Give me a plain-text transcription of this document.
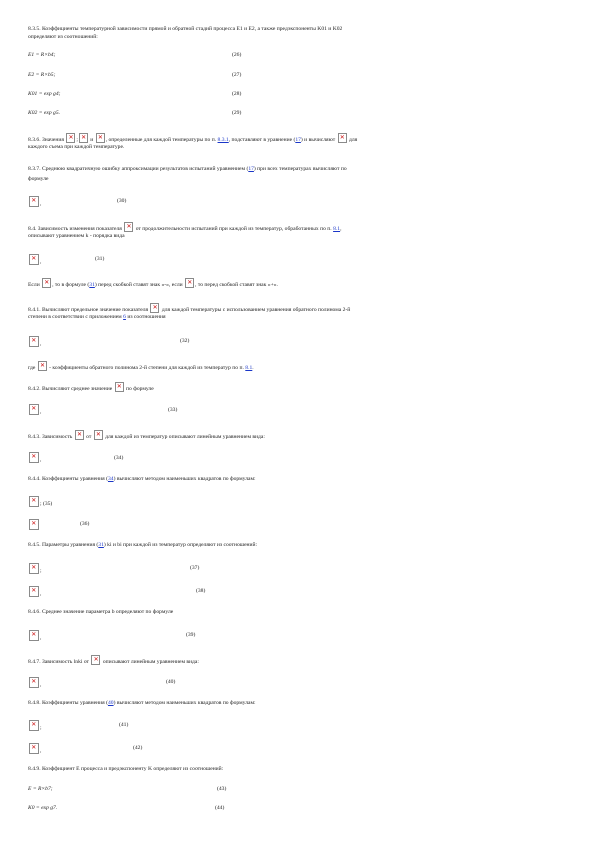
8.3.5. Коэффициенты температурной зависимости прямой и обратной стадий процесса E1 и E2, а также предэкспоненты K01 и K02
определяют из соотношений:
E1 = R×b4;	(26)
E2 = R×b5;	(27)
K01 = exp g4;	(28)
K02 = exp g5.	(29)
8.3.6. Значения ✕ ; ✕ и ✕ , определенные для каждой температуры по п. 8.3.1, подставляют в уравнение (17) и вычисляют ✕ для
каждого съема при каждой температуре.
8.3.7. Среднюю квадратичную ошибку аппроксимации результатов испытаний уравнением (17) при всех температурах вычисляют по
формуле
✕,	(30)
8.4. Зависимость изменения показателя ✕ от продолжительности испытаний при каждой из температур, обработанных по п. 8.1,
описывают уравнением k - порядка вида
✕,	(31)
Если ✕ , то в формуле (31) перед скобкой ставят знак «-», если ✕ , то перед скобкой ставят знак «+».
8.4.1. Вычисляют предельное значение показателя ✕ для каждой температуры с использованием уравнения обратного полинома 2-й
степени в соответствии с приложением 6 из соотношения
✕,	(32)
где ✕ - коэффициенты обратного полинома 2-й степени для каждой из температур по п. 8.1.
8.4.2. Вычисляют среднее значение ✕ по формуле
✕,	(33)
8.4.3. Зависимость ✕ от ✕ для каждой из температур описывают линейным уравнением вида:
✕,	(34)
8.4.4. Коэффициенты уравнения (34) вычисляют методом наименьших квадратов по формулам:
✕; (35)
✕
(36)
8.4.5. Параметры уравнения (31) ki и bi при каждой из температур определяют из соотношений:
✕;	(37)
✕,	(38)
8.4.6. Среднее значение параметра b определяют по формуле
✕,	(39)
8.4.7. Зависимость lnki от ✕ описывают линейным уравнением вида:
✕,	(40)
8.4.8. Коэффициенты уравнения (40) вычисляют методом наименьших квадратов по формулам:
✕;	(41)
✕,	(42)
8.4.9. Коэффициент E процесса и предэкспоненту K определяют из соотношений:
E = R×b7;	(43)
K0 = exp g7.	(44)
